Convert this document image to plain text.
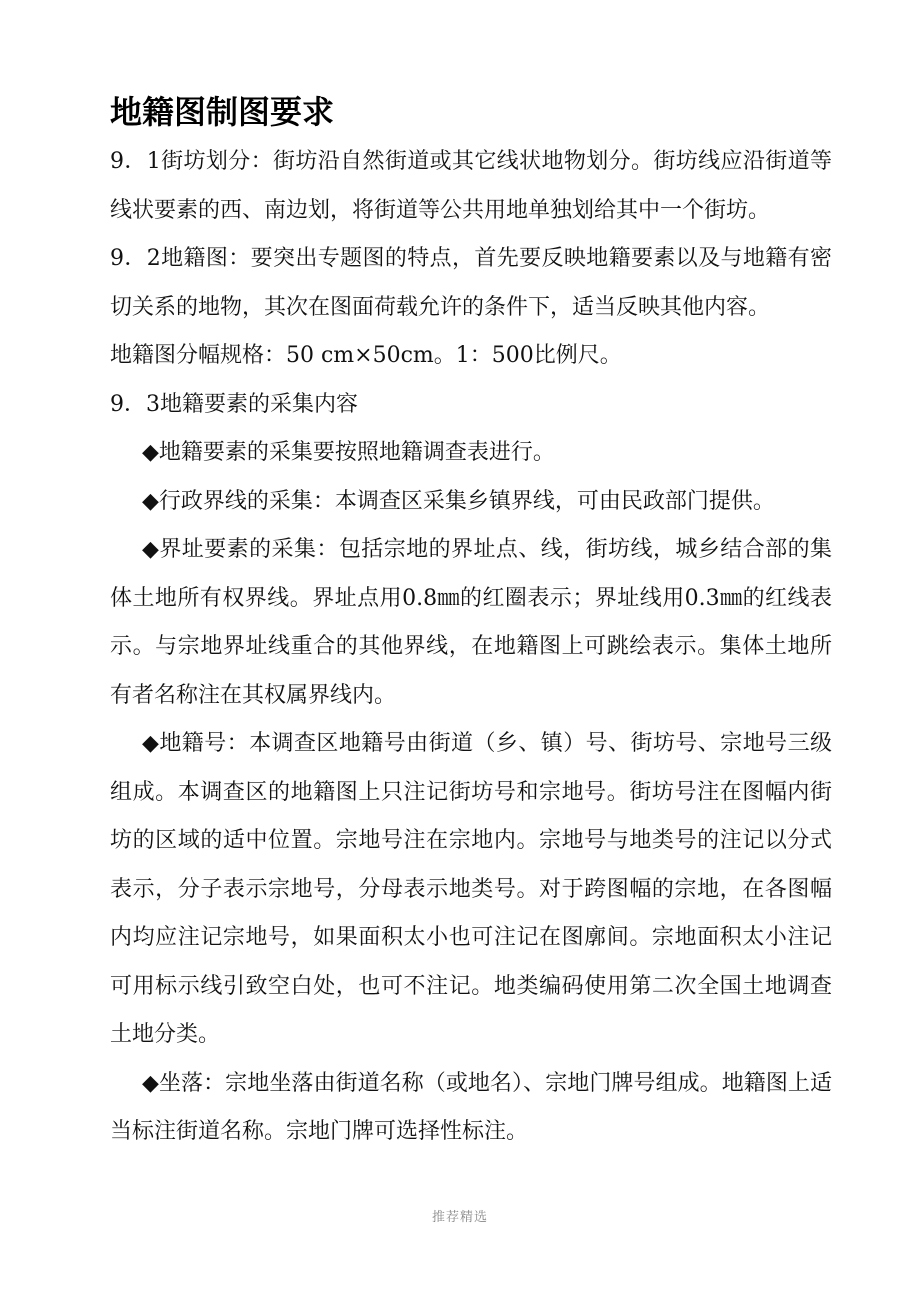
地籍图制图要求

9．1街坊划分：街坊沿自然街道或其它线状地物划分。街坊线应沿街道等线状要素的西、南边划，将街道等公共用地单独划给其中一个街坊。

9．2地籍图：要突出专题图的特点，首先要反映地籍要素以及与地籍有密切关系的地物，其次在图面荷载允许的条件下，适当反映其他内容。

地籍图分幅规格：50 cm×50cm。1：500比例尺。

9．3地籍要素的采集内容

◆地籍要素的采集要按照地籍调查表进行。

◆行政界线的采集：本调查区采集乡镇界线，可由民政部门提供。

◆界址要素的采集：包括宗地的界址点、线，街坊线，城乡结合部的集体土地所有权界线。界址点用0.8㎜的红圈表示；界址线用0.3㎜的红线表示。与宗地界址线重合的其他界线，在地籍图上可跳绘表示。集体土地所有者名称注在其权属界线内。

◆地籍号：本调查区地籍号由街道（乡、镇）号、街坊号、宗地号三级组成。本调查区的地籍图上只注记街坊号和宗地号。街坊号注在图幅内街坊的区域的适中位置。宗地号注在宗地内。宗地号与地类号的注记以分式表示，分子表示宗地号，分母表示地类号。对于跨图幅的宗地，在各图幅内均应注记宗地号，如果面积太小也可注记在图廓间。宗地面积太小注记可用标示线引致空白处，也可不注记。地类编码使用第二次全国土地调查土地分类。

◆坐落：宗地坐落由街道名称（或地名）、宗地门牌号组成。地籍图上适当标注街道名称。宗地门牌可选择性标注。

推荐精选
